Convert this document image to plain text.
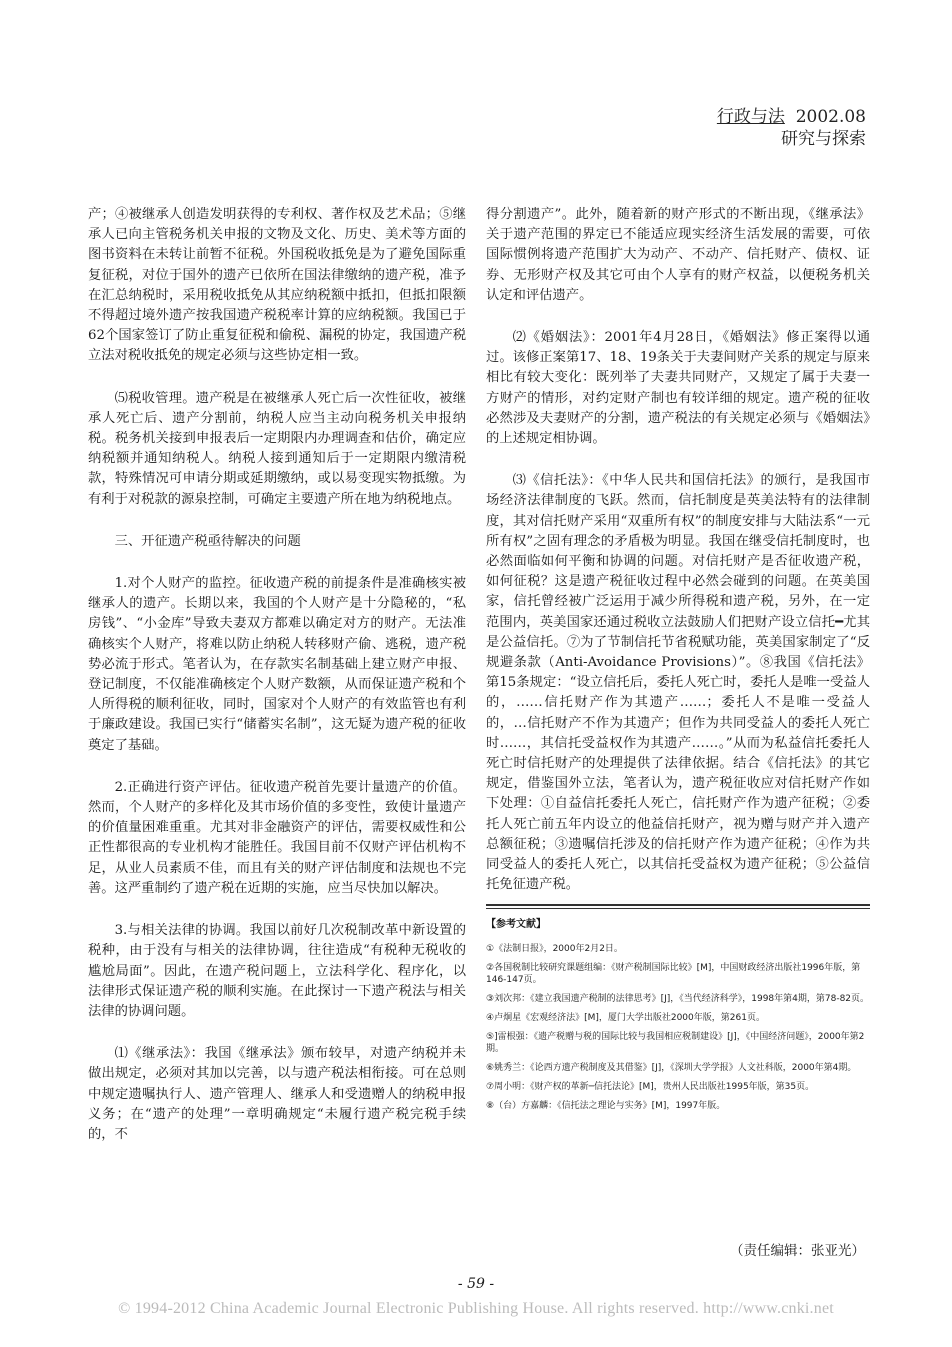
行政与法 2002.08
研究与探索

产；④被继承人创造发明获得的专利权、著作权及艺术品；⑤继承人已向主管税务机关申报的文物及文化、历史、美术等方面的图书资料在未转让前暂不征税。外国税收抵免是为了避免国际重复征税，对位于国外的遗产已依所在国法律缴纳的遗产税，准予在汇总纳税时，采用税收抵免从其应纳税额中抵扣，但抵扣限额不得超过境外遗产按我国遗产税税率计算的应纳税额。我国已于62个国家签订了防止重复征税和偷税、漏税的协定，我国遗产税立法对税收抵免的规定必须与这些协定相一致。

⑸税收管理。遗产税是在被继承人死亡后一次性征收，被继承人死亡后、遗产分割前，纳税人应当主动向税务机关申报纳税。税务机关接到申报表后一定期限内办理调查和估价，确定应纳税额并通知纳税人。纳税人接到通知后于一定期限内缴清税款，特殊情况可申请分期或延期缴纳，或以易变现实物抵缴。为有利于对税款的源泉控制，可确定主要遗产所在地为纳税地点。

三、开征遗产税亟待解决的问题

1.对个人财产的监控。征收遗产税的前提条件是准确核实被继承人的遗产。长期以来，我国的个人财产是十分隐秘的，“私房钱”、“小金库”导致夫妻双方都难以确定对方的财产。无法准确核实个人财产，将难以防止纳税人转移财产偷、逃税，遗产税势必流于形式。笔者认为，在存款实名制基础上建立财产申报、登记制度，不仅能准确核定个人财产数额，从而保证遗产税和个人所得税的顺利征收，同时，国家对个人财产的有效监管也有利于廉政建设。我国已实行“储蓄实名制”，这无疑为遗产税的征收奠定了基础。

2.正确进行资产评估。征收遗产税首先要计量遗产的价值。然而，个人财产的多样化及其市场价值的多变性，致使计量遗产的价值量困难重重。尤其对非金融资产的评估，需要权威性和公正性都很高的专业机构才能胜任。我国目前不仅财产评估机构不足，从业人员素质不佳，而且有关的财产评估制度和法规也不完善。这严重制约了遗产税在近期的实施，应当尽快加以解决。

3.与相关法律的协调。我国以前好几次税制改革中新设置的税种，由于没有与相关的法律协调，往往造成“有税种无税收的尴尬局面”。因此，在遗产税问题上，立法科学化、程序化，以法律形式保证遗产税的顺利实施。在此探讨一下遗产税法与相关法律的协调问题。

⑴《继承法》：我国《继承法》颁布较早，对遗产纳税并未做出规定，必须对其加以完善，以与遗产税法相衔接。可在总则中规定遗嘱执行人、遗产管理人、继承人和受遗赠人的纳税申报义务；在“遗产的处理”一章明确规定“未履行遗产税完税手续的，不

得分割遗产”。此外，随着新的财产形式的不断出现，《继承法》关于遗产范围的界定已不能适应现实经济生活发展的需要，可依国际惯例将遗产范围扩大为动产、不动产、信托财产、债权、证券、无形财产权及其它可由个人享有的财产权益，以便税务机关认定和评估遗产。

⑵《婚姻法》：2001年4月28日，《婚姻法》修正案得以通过。该修正案第17、18、19条关于夫妻间财产关系的规定与原来相比有较大变化：既列举了夫妻共同财产，又规定了属于夫妻一方财产的情形，对约定财产制也有较详细的规定。遗产税的征收必然涉及夫妻财产的分割，遗产税法的有关规定必须与《婚姻法》的上述规定相协调。

⑶《信托法》：《中华人民共和国信托法》的颁行，是我国市场经济法律制度的飞跃。然而，信托制度是英美法特有的法律制度，其对信托财产采用“双重所有权”的制度安排与大陆法系“一元所有权”之固有理念的矛盾极为明显。我国在继受信托制度时，也必然面临如何平衡和协调的问题。对信托财产是否征收遗产税，如何征税？这是遗产税征收过程中必然会碰到的问题。在英美国家，信托曾经被广泛运用于减少所得税和遗产税，另外，在一定范围内，英美国家还通过税收立法鼓励人们把财产设立信托━尤其是公益信托。⑦为了节制信托节省税赋功能，英美国家制定了“反规避条款（Anti-Avoidance Provisions）”。⑧我国《信托法》第15条规定：“设立信托后，委托人死亡时，委托人是唯一受益人的，……信托财产作为其遗产……；委托人不是唯一受益人的，…信托财产不作为其遗产；但作为共同受益人的委托人死亡时……，其信托受益权作为其遗产……。”从而为私益信托委托人死亡时信托财产的处理提供了法律依据。结合《信托法》的其它规定，借鉴国外立法，笔者认为，遗产税征收应对信托财产作如下处理：①自益信托委托人死亡，信托财产作为遗产征税；②委托人死亡前五年内设立的他益信托财产，视为赠与财产并入遗产总额征税；③遗嘱信托涉及的信托财产作为遗产征税；④作为共同受益人的委托人死亡，以其信托受益权为遗产征税；⑤公益信托免征遗产税。

【参考文献】
①《法制日报》，2000年2月2日。
②各国税制比较研究课题组编：《财产税制国际比较》[M]，中国财政经济出版社1996年版，第146-147页。
③刘次邦：《建立我国遗产税制的法律思考》[J]，《当代经济科学》，1998年第4期，第78-82页。
④卢炯星《宏观经济法》[M]，厦门大学出版社2000年版，第261页。
⑤]雷根强：《遗产税赠与税的国际比较与我国相应税制建设》[J]，《中国经济问题》，2000年第2期。
⑥姚秀兰：《论西方遗产税制度及其借鉴》[J]，《深圳大学学报》人文社科版，2000年第4期。
⑦周小明：《财产权的革新─信托法论》[M]，贵州人民出版社1995年版，第35页。
⑧（台）方嘉麟：《信托法之理论与实务》[M]，1997年版。
（责任编辑：张亚光）
- 59 -
© 1994-2012 China Academic Journal Electronic Publishing House. All rights reserved. http://www.cnki.net
